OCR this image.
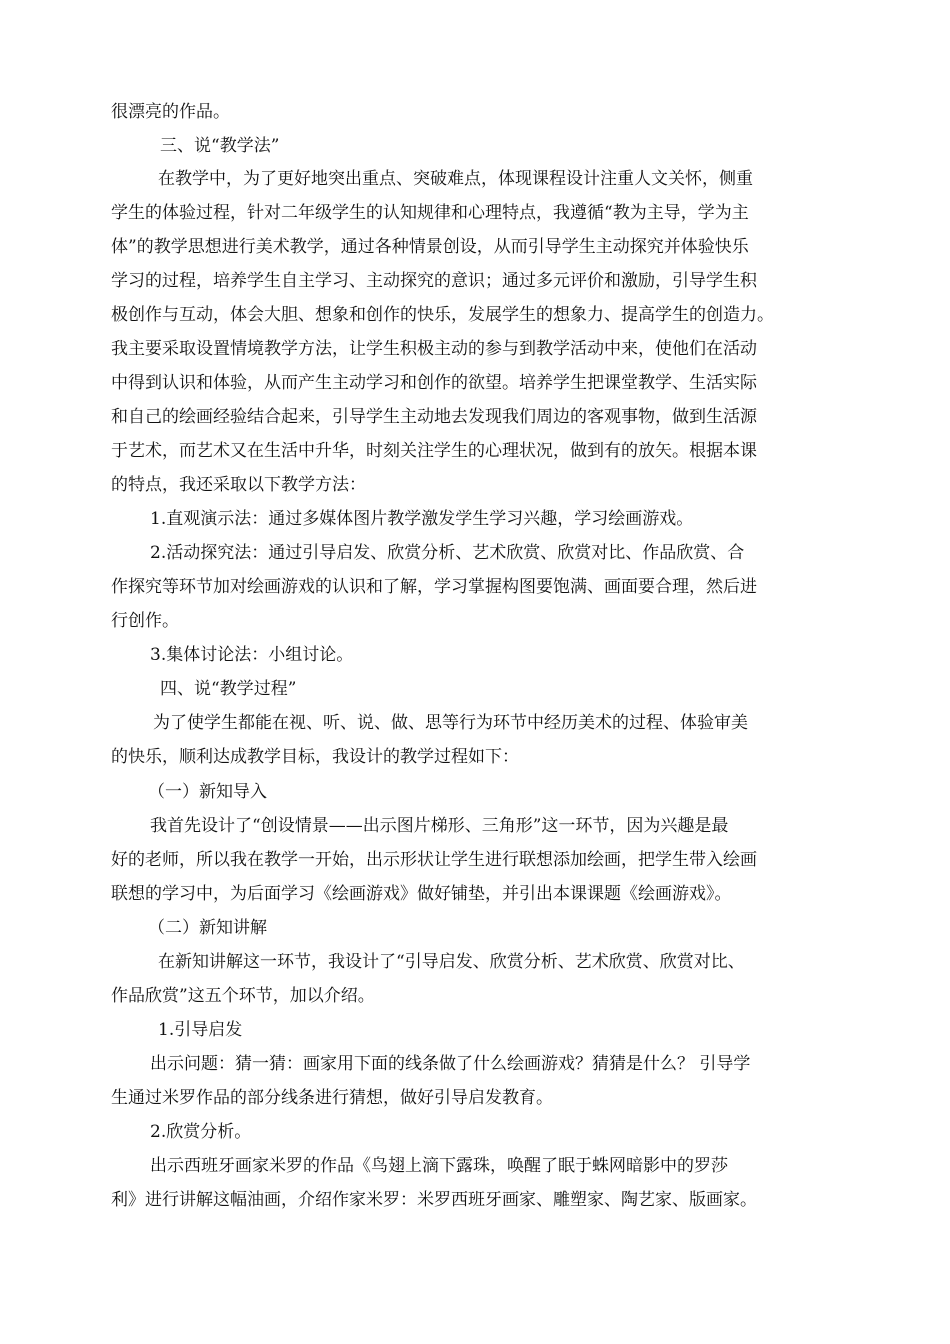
很漂亮的作品。
三、说“教学法”
在教学中，为了更好地突出重点、突破难点，体现课程设计注重人文关怀，侧重
学生的体验过程，针对二年级学生的认知规律和心理特点，我遵循“教为主导，学为主
体”的教学思想进行美术教学，通过各种情景创设，从而引导学生主动探究并体验快乐
学习的过程，培养学生自主学习、主动探究的意识；通过多元评价和激励，引导学生积
极创作与互动，体会大胆、想象和创作的快乐，发展学生的想象力、提高学生的创造力。
我主要采取设置情境教学方法，让学生积极主动的参与到教学活动中来，使他们在活动
中得到认识和体验，从而产生主动学习和创作的欲望。培养学生把课堂教学、生活实际
和自己的绘画经验结合起来，引导学生主动地去发现我们周边的客观事物，做到生活源
于艺术，而艺术又在生活中升华，时刻关注学生的心理状况，做到有的放矢。根据本课
的特点，我还采取以下教学方法：
1.直观演示法：通过多媒体图片教学激发学生学习兴趣，学习绘画游戏。
2.活动探究法：通过引导启发、欣赏分析、艺术欣赏、欣赏对比、作品欣赏、合
作探究等环节加对绘画游戏的认识和了解，学习掌握构图要饱满、画面要合理，然后进
行创作。
3.集体讨论法：小组讨论。
四、说“教学过程”
为了使学生都能在视、听、说、做、思等行为环节中经历美术的过程、体验审美
的快乐，顺利达成教学目标，我设计的教学过程如下：
（一）新知导入
我首先设计了“创设情景——出示图片梯形、三角形”这一环节，因为兴趣是最
好的老师，所以我在教学一开始，出示形状让学生进行联想添加绘画，把学生带入绘画
联想的学习中，为后面学习《绘画游戏》做好铺垫，并引出本课课题《绘画游戏》。
（二）新知讲解
在新知讲解这一环节，我设计了“引导启发、欣赏分析、艺术欣赏、欣赏对比、
作品欣赏”这五个环节，加以介绍。
1.引导启发
出示问题：猜一猜：画家用下面的线条做了什么绘画游戏？猜猜是什么？ 引导学
生通过米罗作品的部分线条进行猜想，做好引导启发教育。
2.欣赏分析。
出示西班牙画家米罗的作品《鸟翅上滴下露珠，唤醒了眠于蛛网暗影中的罗莎
利》进行讲解这幅油画，介绍作家米罗：米罗西班牙画家、雕塑家、陶艺家、版画家。
